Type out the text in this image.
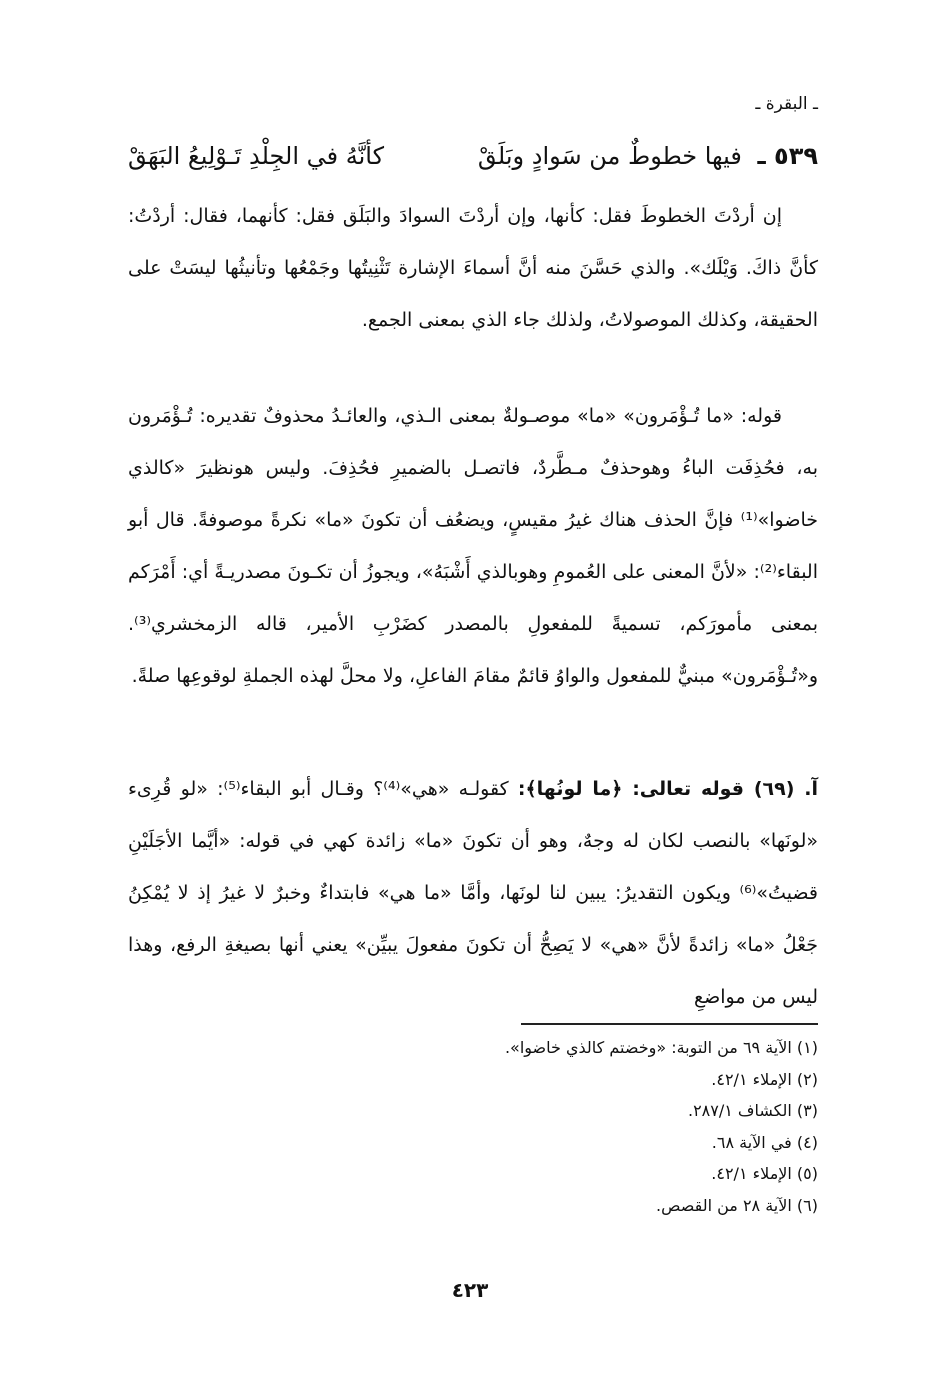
ـ البقرة ـ
٥٣٩ ـ فيها خطوطٌ من سَوادٍ وبَلَقْ
كأنَّهُ في الجِلْدِ تَـوْلِيعُ البَهَقْ

إن أردْتَ الخطوطَ فقل: كأنها، وإن أردْتَ السوادَ والبَلَق فقل: كأنهما، فقال: أردْتُ: كأنَّ ذاكَ. وَيْلَك». والذي حَسَّنَ منه أنَّ أسماءَ الإشارة تَثْنِيتُها وجَمْعُها وتأنيثُها ليسَتْ على الحقيقة، وكذلك الموصولاتُ، ولذلك جاء الذي بمعنى الجمع.

قوله: «ما تُـؤْمَرون» «ما» موصـولةٌ بمعنى الـذي، والعائـدُ محذوفٌ تقديره: تُـؤْمَرون به، فحُذِفَت الباءُ وهوحذفٌ مـطَّردٌ، فاتصـل بالضميرِ فحُذِفَ. وليس هونظيرَ «كالذي خاضوا»⁽¹⁾ فإنَّ الحذف هناك غيرُ مقيسٍ، ويضعُف أن تكونَ «ما» نكرةً موصوفةً. قال أبو البقاء⁽²⁾: «لأنَّ المعنى على العُمومِ وهوبالذي أَشْبَهُ»، ويجوزُ أن تكـونَ مصدريـةً أي: أَمْرَكم بمعنى مأمورَكم، تسميةً للمفعولِ بالمصدر كضَرْبِ الأمير، قاله الزمخشري⁽³⁾. و«تُـؤْمَرون» مبنيٌّ للمفعول والواوُ قائمٌ مقامَ الفاعلِ، ولا محلَّ لهذه الجملةِ لوقوعِها صلةً.

آ. (٦٩) قوله تعالى: ﴿ما لونُها﴾: كقولـه «هي»⁽⁴⁾؟ وقـال أبو البقاء⁽⁵⁾: «لو قُرِىء «لونَها» بالنصب لكان له وجهٌ، وهو أن تكونَ «ما» زائدة كهي في قوله: «أيَّما الأجَلَيْنِ قضيتُ»⁽⁶⁾ ويكون التقديرُ: يبين لنا لونَها، وأمَّا «ما هي» فابتداءٌ وخبرٌ لا غيرُ إذ لا يُمْكِنُ جَعْلُ «ما» زائدةً لأنَّ «هي» لا يَصِحُّ أن تكونَ مفعولَ يبيِّن» يعني أنها بصيغةِ الرفع، وهذا ليس من مواضعِ

(١) الآية ٦٩ من التوبة: «وخضتم كالذي خاضوا».
(٢) الإملاء ٤٢/١.
(٣) الكشاف ٢٨٧/١.
(٤) في الآية ٦٨.
(٥) الإملاء ٤٢/١.
(٦) الآية ٢٨ من القصص.
٤٢٣
